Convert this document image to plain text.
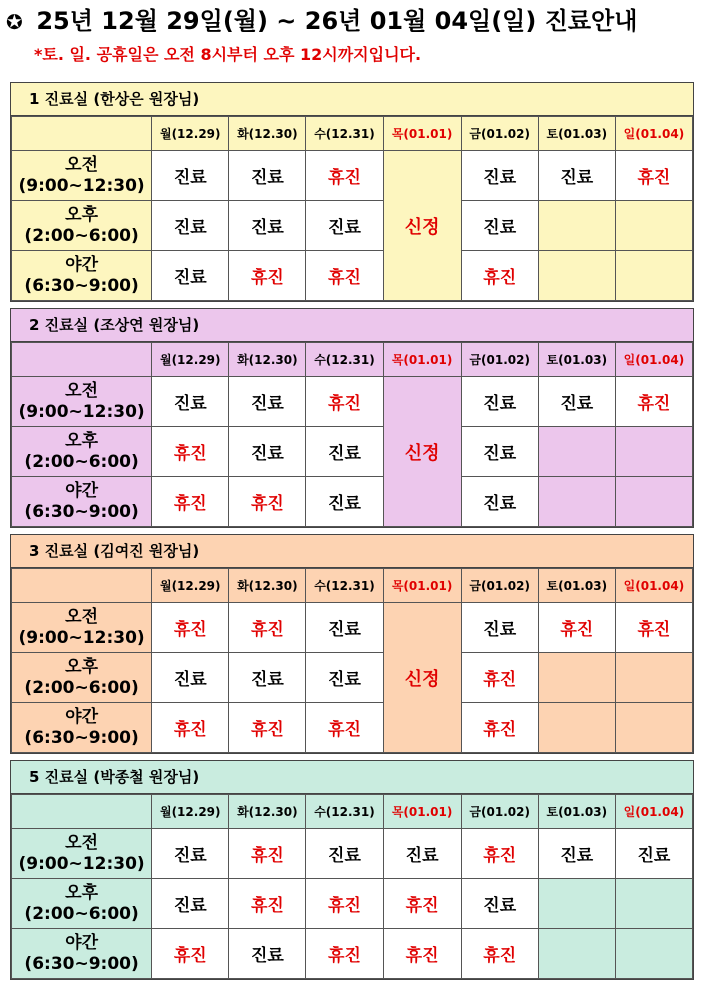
✪ 25년 12월 29일(월) ~ 26년 01월 04일(일) 진료안내
*토. 일. 공휴일은 오전 8시부터 오후 12시까지입니다.
1 진료실 (한상은 원장님)
	월(12.29)	화(12.30)	수(12.31)	목(01.01)	금(01.02)	토(01.03)	일(01.04)

오전
(9:00~12:30)	진료	진료	휴진	신정	진료	진료	휴진

오후
(2:00~6:00)	진료	진료	진료		진료		

야간
(6:30~9:00)	진료	휴진	휴진		휴진		
2 진료실 (조상연 원장님)
	월(12.29)	화(12.30)	수(12.31)	목(01.01)	금(01.02)	토(01.03)	일(01.04)

오전
(9:00~12:30)	진료	진료	휴진	신정	진료	진료	휴진

오후
(2:00~6:00)	휴진	진료	진료		진료		

야간
(6:30~9:00)	휴진	휴진	진료		진료		
3 진료실 (김여진 원장님)
	월(12.29)	화(12.30)	수(12.31)	목(01.01)	금(01.02)	토(01.03)	일(01.04)

오전
(9:00~12:30)	휴진	휴진	진료	신정	진료	휴진	휴진

오후
(2:00~6:00)	진료	진료	진료		휴진		

야간
(6:30~9:00)	휴진	휴진	휴진		휴진		
5 진료실 (박종철 원장님)
	월(12.29)	화(12.30)	수(12.31)	목(01.01)	금(01.02)	토(01.03)	일(01.04)

오전
(9:00~12:30)	진료	휴진	진료	진료	휴진	진료	진료

오후
(2:00~6:00)	진료	휴진	휴진	휴진	진료		

야간
(6:30~9:00)	휴진	진료	휴진	휴진	휴진		
